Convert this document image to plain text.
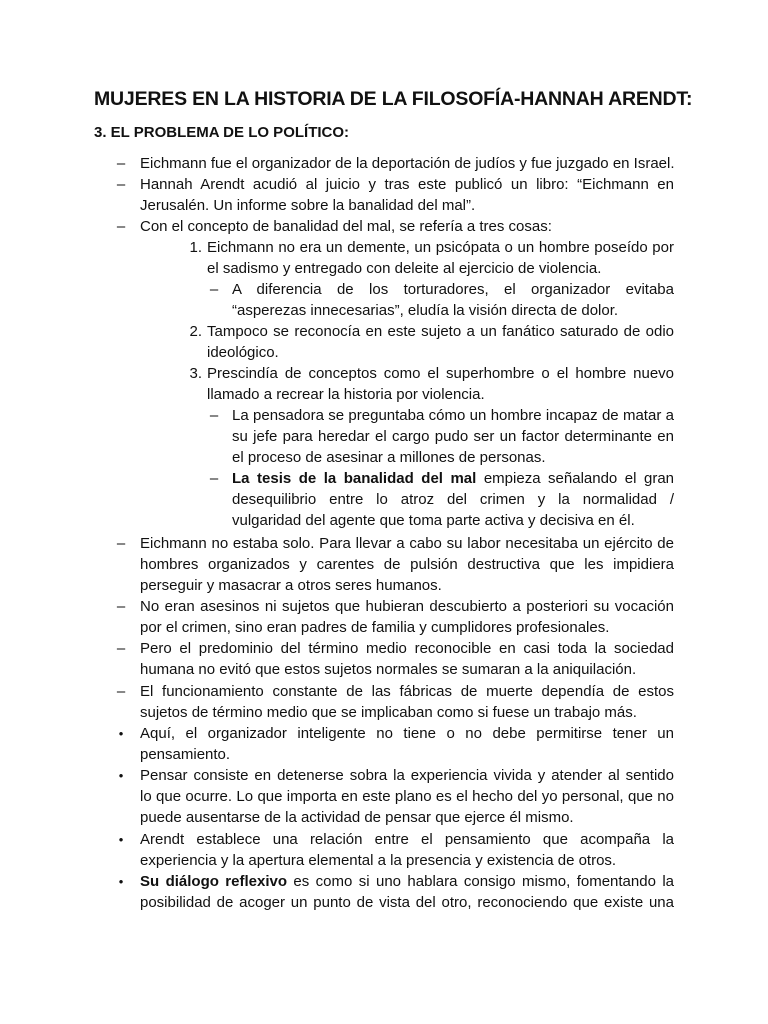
MUJERES EN LA HISTORIA DE LA FILOSOFÍA-HANNAH ARENDT:
3. EL PROBLEMA DE LO POLÍTICO:
– Eichmann fue el organizador de la deportación de judíos y fue juzgado en Israel.
– Hannah Arendt acudió al juicio y tras este publicó un libro: “Eichmann en
Jerusalén. Un informe sobre la banalidad del mal”.
– Con el concepto de banalidad del mal, se refería a tres cosas:
1. Eichmann no era un demente, un psicópata o un hombre poseído por
el sadismo y entregado con deleite al ejercicio de violencia.
– A diferencia de los torturadores, el organizador evitaba
“asperezas innecesarias”, eludía la visión directa de dolor.
2. Tampoco se reconocía en este sujeto a un fanático saturado de odio
ideológico.
3. Prescindía de conceptos como el superhombre o el hombre nuevo
llamado a recrear la historia por violencia.
– La pensadora se preguntaba cómo un hombre incapaz de matar a
su jefe para heredar el cargo pudo ser un factor determinante en
el proceso de asesinar a millones de personas.
– La tesis de la banalidad del mal empieza señalando el gran
desequilibrio entre lo atroz del crimen y la normalidad /
vulgaridad del agente que toma parte activa y decisiva en él.
– Eichmann no estaba solo. Para llevar a cabo su labor necesitaba un ejército de
hombres organizados y carentes de pulsión destructiva que les impidiera
perseguir y masacrar a otros seres humanos.
– No eran asesinos ni sujetos que hubieran descubierto a posteriori su vocación
por el crimen, sino eran padres de familia y cumplidores profesionales.
– Pero el predominio del término medio reconocible en casi toda la sociedad
humana no evitó que estos sujetos normales se sumaran a la aniquilación.
– El funcionamiento constante de las fábricas de muerte dependía de estos
sujetos de término medio que se implicaban como si fuese un trabajo más.
•	Aquí, el organizador inteligente no tiene o no debe permitirse tener un
pensamiento.
•	Pensar consiste en detenerse sobra la experiencia vivida y atender al sentido
lo que ocurre. Lo que importa en este plano es el hecho del yo personal, que no
puede ausentarse de la actividad de pensar que ejerce él mismo.
•	Arendt establece una relación entre el pensamiento que acompaña la
experiencia y la apertura elemental a la presencia y existencia de otros.
•	Su diálogo reflexivo es como si uno hablara consigo mismo, fomentando la
posibilidad de acoger un punto de vista del otro, reconociendo que existe una
